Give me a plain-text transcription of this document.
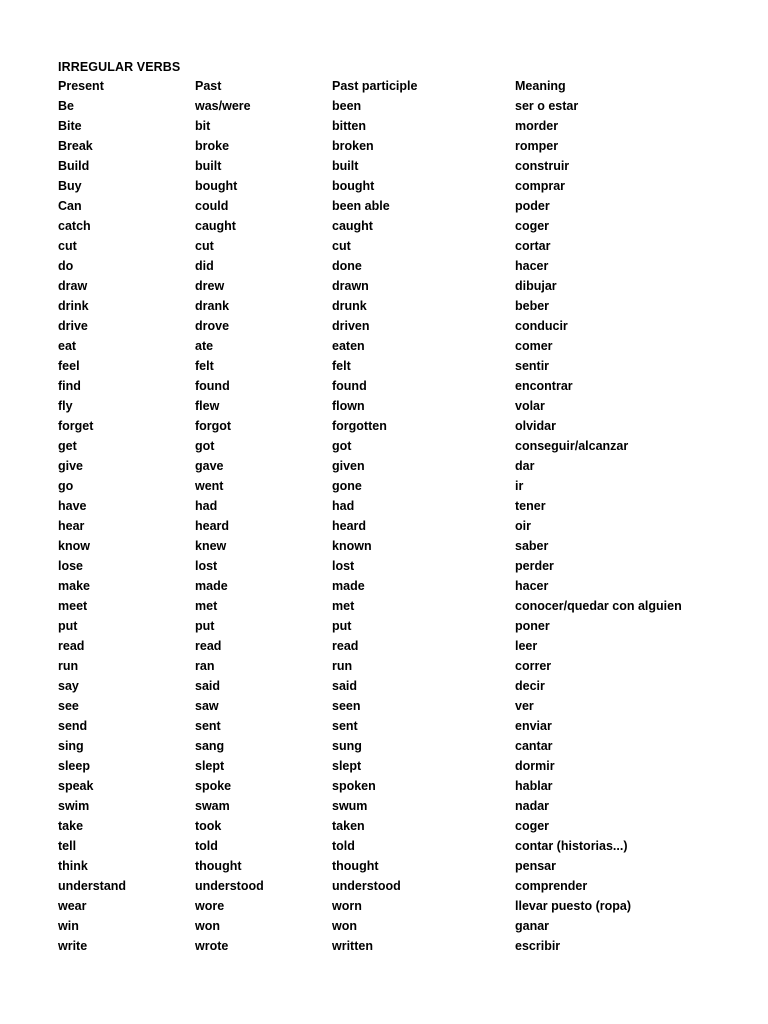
IRREGULAR VERBS
Present	Past	Past participle	Meaning
Be	was/were	been	ser o estar
Bite	bit	bitten	morder
Break	broke	broken	romper
Build	built	built	construir
Buy	bought	bought	comprar
Can	could	been able	poder
catch	caught	caught	coger
cut	cut	cut	cortar
do	did	done	hacer
draw	drew	drawn	dibujar
drink	drank	drunk	beber
drive	drove	driven	conducir
eat	ate	eaten	comer
feel	felt	felt	sentir
find	found	found	encontrar
fly	flew	flown	volar
forget	forgot	forgotten	olvidar
get	got	got	conseguir/alcanzar
give	gave	given	dar
go	went	gone	ir
have	had	had	tener
hear	heard	heard	oir
know	knew	known	saber
lose	lost	lost	perder
make	made	made	hacer
meet	met	met	conocer/quedar con alguien
put	put	put	poner
read	read	read	leer
run	ran	run	correr
say	said	said	decir
see	saw	seen	ver
send	sent	sent	enviar
sing	sang	sung	cantar
sleep	slept	slept	dormir
speak	spoke	spoken	hablar
swim	swam	swum	nadar
take	took	taken	coger
tell	told	told	contar (historias...)
think	thought	thought	pensar
understand	understood	understood	comprender
wear	wore	worn	llevar puesto (ropa)
win	won	won	ganar
write	wrote	written	escribir
